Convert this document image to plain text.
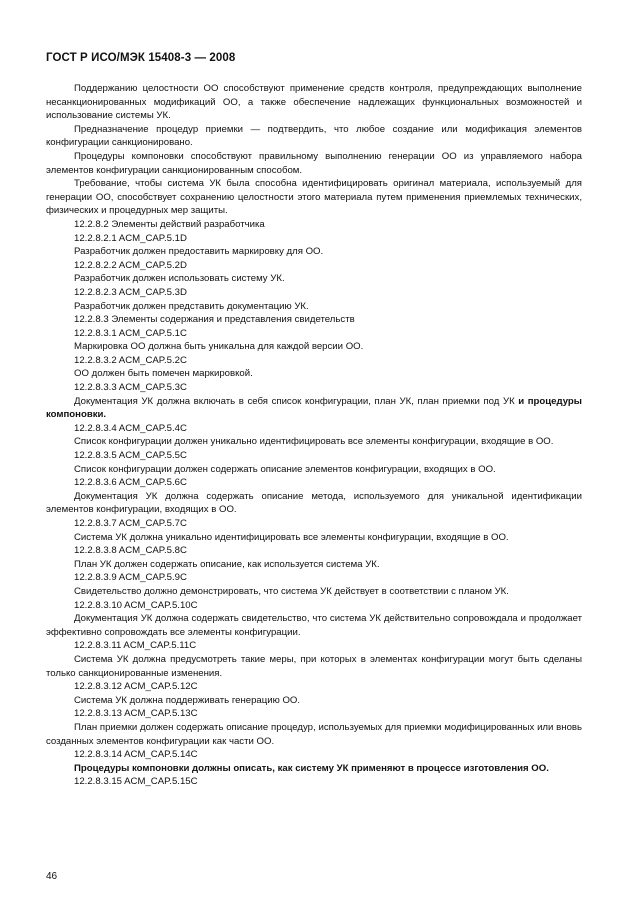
ГОСТ Р ИСО/МЭК 15408-3 — 2008

Поддержанию целостности ОО способствуют применение средств контроля, предупреждающих выполнение несанкционированных модификаций ОО, а также обеспечение надлежащих функциональных возможностей и использование системы УК.

Предназначение процедур приемки — подтвердить, что любое создание или модификация элементов конфигурации санкционировано.

Процедуры компоновки способствуют правильному выполнению генерации ОО из управляемого набора элементов конфигурации санкционированным способом.

Требование, чтобы система УК была способна идентифицировать оригинал материала, используемый для генерации ОО, способствует сохранению целостности этого материала путем применения приемлемых технических, физических и процедурных мер защиты.

12.2.8.2 Элементы действий разработчика

12.2.8.2.1 ACM_CAP.5.1D

Разработчик должен предоставить маркировку для ОО.

12.2.8.2.2 ACM_CAP.5.2D

Разработчик должен использовать систему УК.

12.2.8.2.3 ACM_CAP.5.3D

Разработчик должен представить документацию УК.

12.2.8.3 Элементы содержания и представления свидетельств

12.2.8.3.1 ACM_CAP.5.1C

Маркировка ОО должна быть уникальна для каждой версии ОО.

12.2.8.3.2 ACM_CAP.5.2C

ОО должен быть помечен маркировкой.

12.2.8.3.3 ACM_CAP.5.3C

Документация УК должна включать в себя список конфигурации, план УК, план приемки под УК и процедуры компоновки.

12.2.8.3.4 ACM_CAP.5.4C

Список конфигурации должен уникально идентифицировать все элементы конфигурации, входящие в ОО.

12.2.8.3.5 ACM_CAP.5.5C

Список конфигурации должен содержать описание элементов конфигурации, входящих в ОО.

12.2.8.3.6 ACM_CAP.5.6C

Документация УК должна содержать описание метода, используемого для уникальной идентификации элементов конфигурации, входящих в ОО.

12.2.8.3.7 ACM_CAP.5.7C

Система УК должна уникально идентифицировать все элементы конфигурации, входящие в ОО.

12.2.8.3.8 ACM_CAP.5.8C

План УК должен содержать описание, как используется система УК.

12.2.8.3.9 ACM_CAP.5.9C

Свидетельство должно демонстрировать, что система УК действует в соответствии с планом УК.

12.2.8.3.10 ACM_CAP.5.10C

Документация УК должна содержать свидетельство, что система УК действительно сопровождала и продолжает эффективно сопровождать все элементы конфигурации.

12.2.8.3.11 ACM_CAP.5.11C

Система УК должна предусмотреть такие меры, при которых в элементах конфигурации могут быть сделаны только санкционированные изменения.

12.2.8.3.12 ACM_CAP.5.12C

Система УК должна поддерживать генерацию ОО.

12.2.8.3.13 ACM_CAP.5.13C

План приемки должен содержать описание процедур, используемых для приемки модифицированных или вновь созданных элементов конфигурации как части ОО.

12.2.8.3.14 ACM_CAP.5.14C

Процедуры компоновки должны описать, как систему УК применяют в процессе изготовления ОО.

12.2.8.3.15 ACM_CAP.5.15C

46
